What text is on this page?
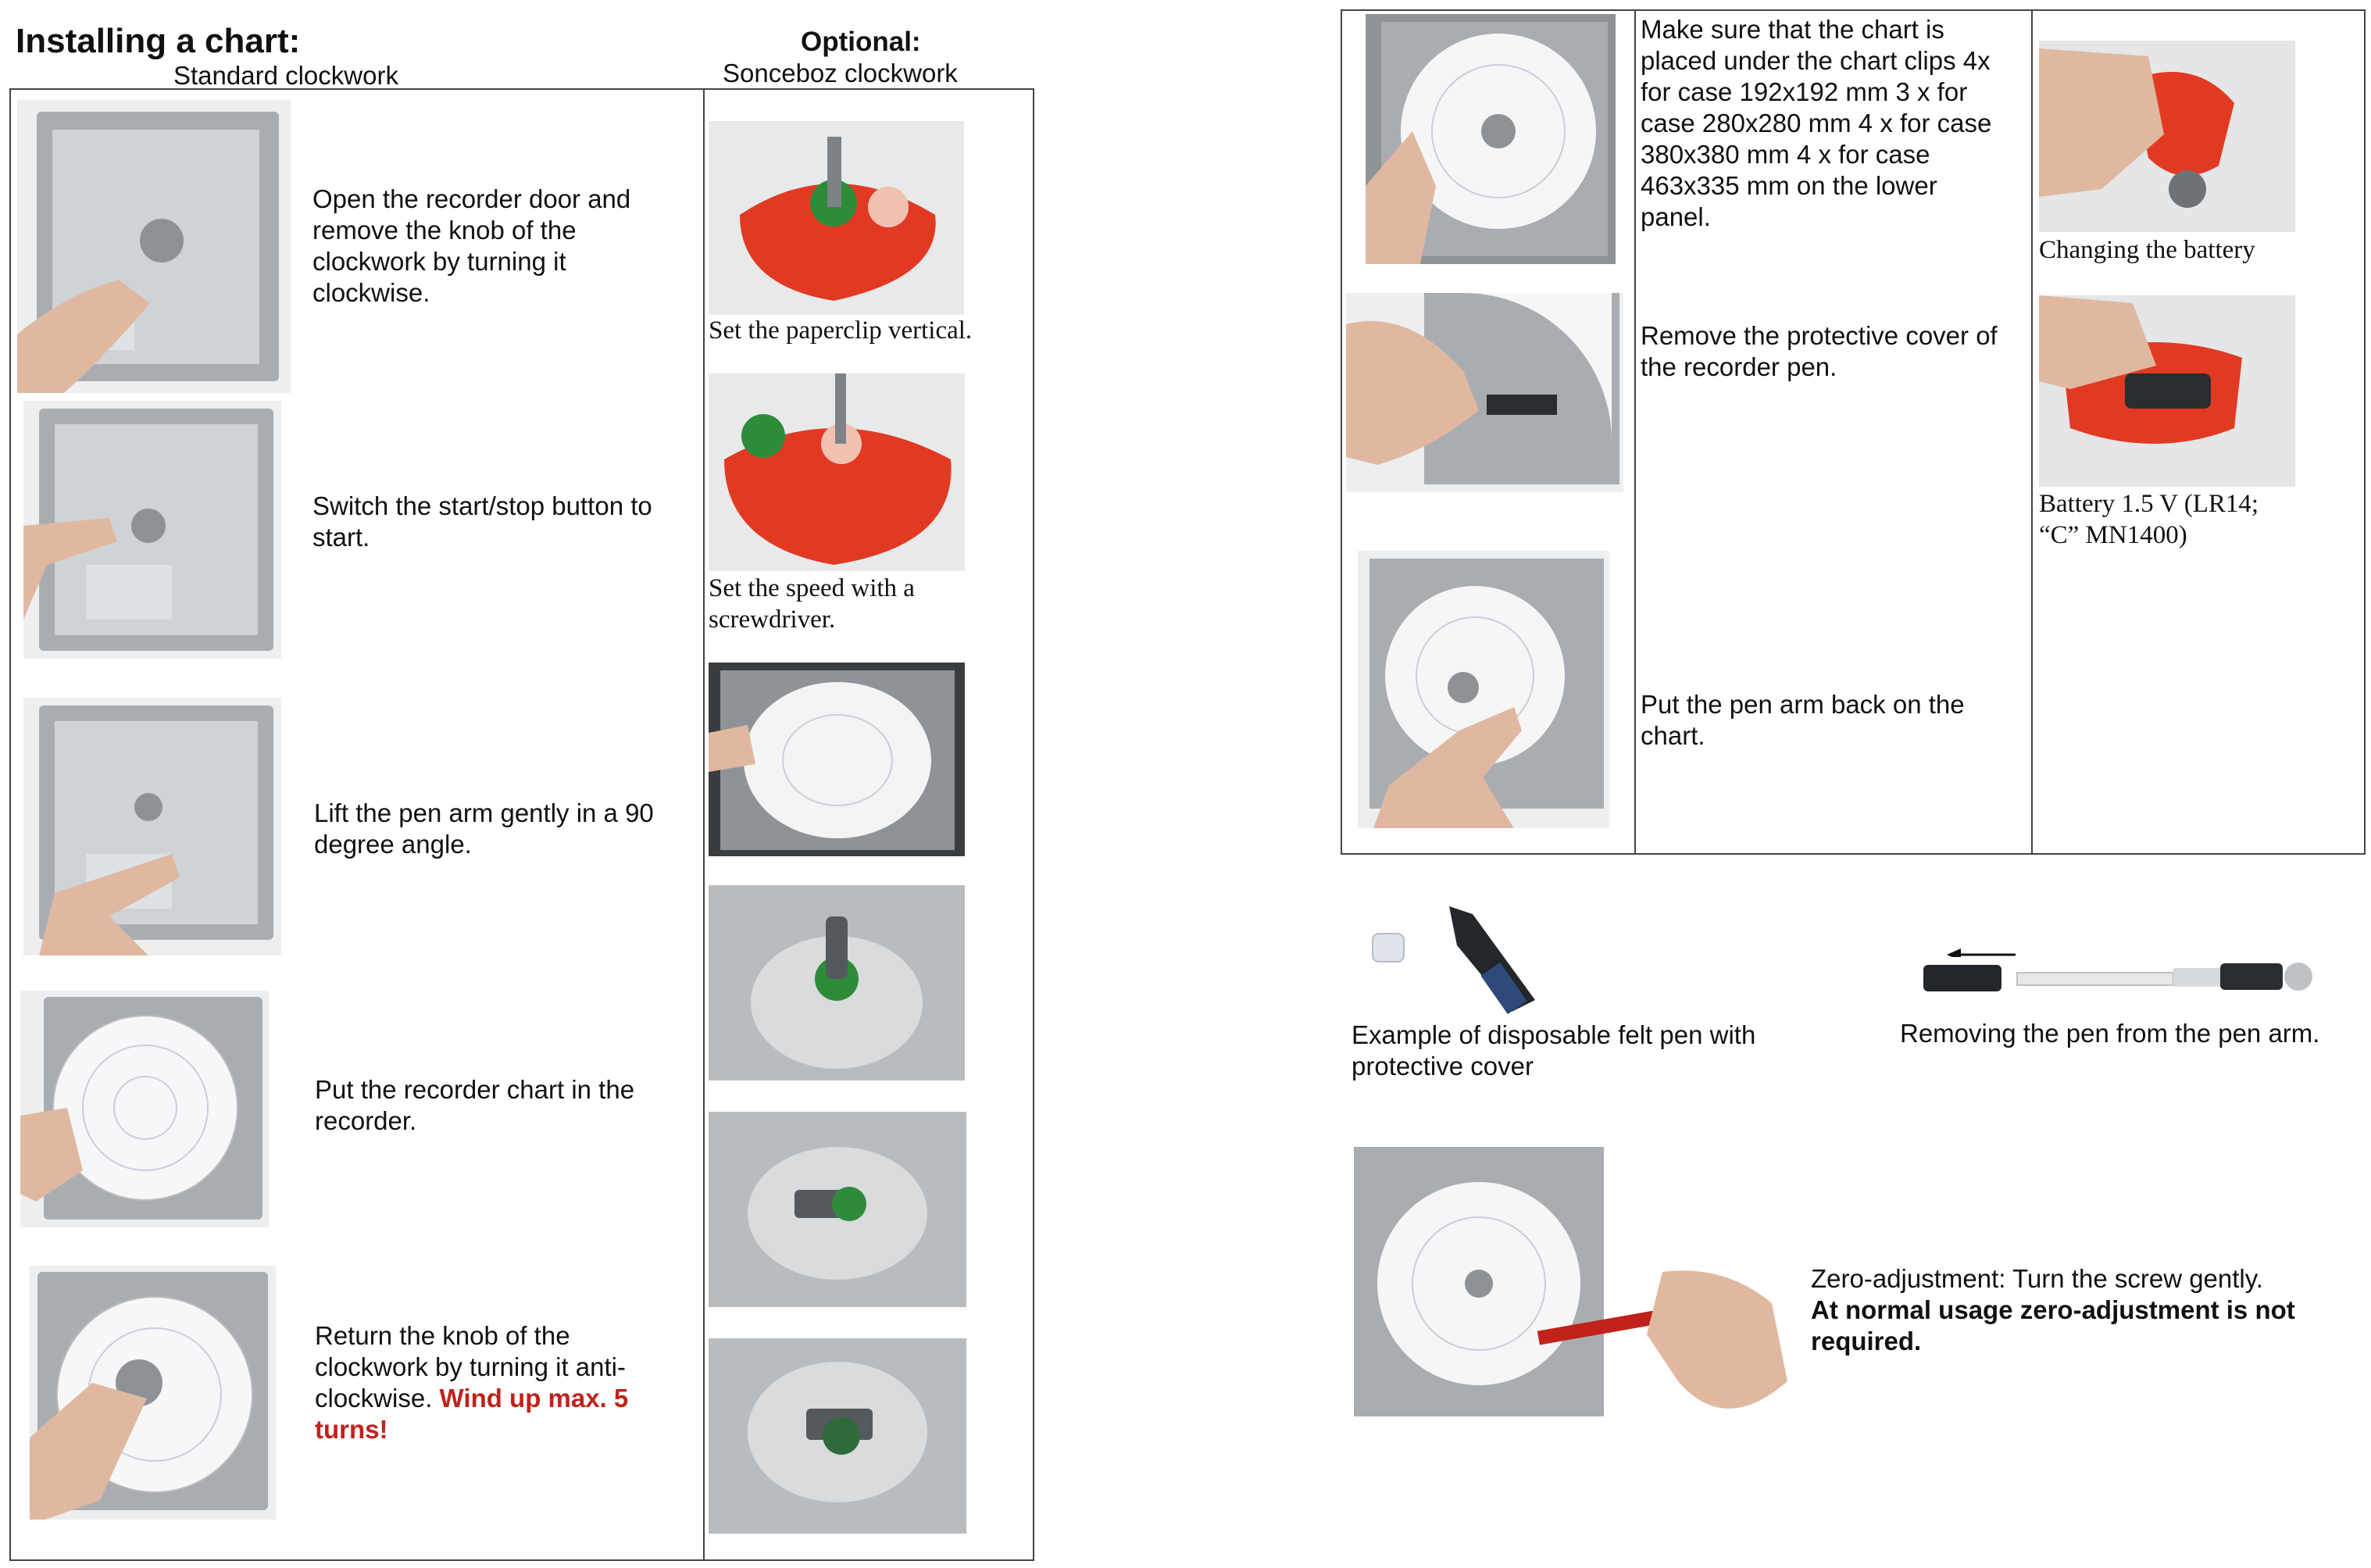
Installing a chart:
Standard clockwork
Optional:
Sonceboz clockwork
Open the recorder door and remove the knob of the clockwork by turning it clockwise.
Switch the start/stop button to start.
Lift the pen arm gently in a 90 degree angle.
Put the recorder chart in the recorder.
Return the knob of the clockwork by turning it anti-clockwise. Wind up max. 5 turns!
Set the paperclip vertical.
Set the speed with a screwdriver.
Make sure that the chart is placed under the chart clips 4x for case 192x192 mm 3 x for case 280x280 mm 4 x for case 380x380 mm 4 x for case 463x335 mm on the lower panel.
Remove the protective cover of the recorder pen.
Put the pen arm back on the chart.
Changing the battery
Battery 1.5 V (LR14; “C” MN1400)
Example of disposable felt pen with protective cover
Removing the pen from the pen arm.
Zero-adjustment: Turn the screw gently.
At normal usage zero-adjustment is not required.
